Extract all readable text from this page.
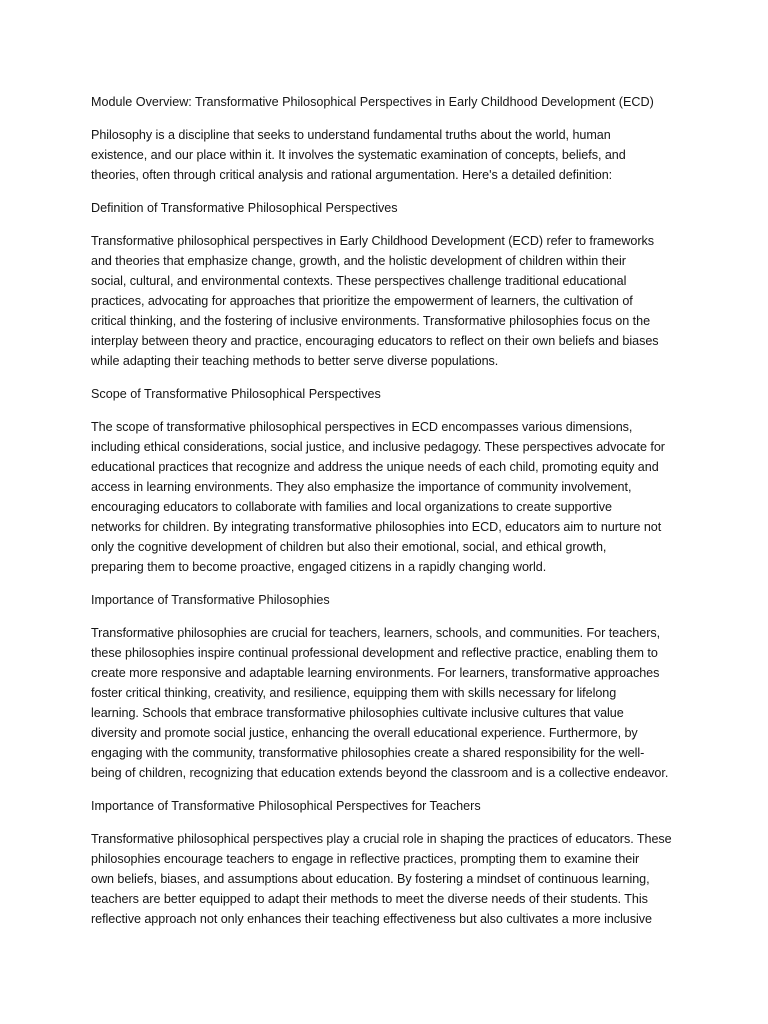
Module Overview: Transformative Philosophical Perspectives in Early Childhood Development (ECD)

Philosophy is a discipline that seeks to understand fundamental truths about the world, human
existence, and our place within it. It involves the systematic examination of concepts, beliefs, and
theories, often through critical analysis and rational argumentation. Here's a detailed definition:

Definition of Transformative Philosophical Perspectives

Transformative philosophical perspectives in Early Childhood Development (ECD) refer to frameworks
and theories that emphasize change, growth, and the holistic development of children within their
social, cultural, and environmental contexts. These perspectives challenge traditional educational
practices, advocating for approaches that prioritize the empowerment of learners, the cultivation of
critical thinking, and the fostering of inclusive environments. Transformative philosophies focus on the
interplay between theory and practice, encouraging educators to reflect on their own beliefs and biases
while adapting their teaching methods to better serve diverse populations.

Scope of Transformative Philosophical Perspectives

The scope of transformative philosophical perspectives in ECD encompasses various dimensions,
including ethical considerations, social justice, and inclusive pedagogy. These perspectives advocate for
educational practices that recognize and address the unique needs of each child, promoting equity and
access in learning environments. They also emphasize the importance of community involvement,
encouraging educators to collaborate with families and local organizations to create supportive
networks for children. By integrating transformative philosophies into ECD, educators aim to nurture not
only the cognitive development of children but also their emotional, social, and ethical growth,
preparing them to become proactive, engaged citizens in a rapidly changing world.

Importance of Transformative Philosophies

Transformative philosophies are crucial for teachers, learners, schools, and communities. For teachers,
these philosophies inspire continual professional development and reflective practice, enabling them to
create more responsive and adaptable learning environments. For learners, transformative approaches
foster critical thinking, creativity, and resilience, equipping them with skills necessary for lifelong
learning. Schools that embrace transformative philosophies cultivate inclusive cultures that value
diversity and promote social justice, enhancing the overall educational experience. Furthermore, by
engaging with the community, transformative philosophies create a shared responsibility for the well-
being of children, recognizing that education extends beyond the classroom and is a collective endeavor.

Importance of Transformative Philosophical Perspectives for Teachers

Transformative philosophical perspectives play a crucial role in shaping the practices of educators. These
philosophies encourage teachers to engage in reflective practices, prompting them to examine their
own beliefs, biases, and assumptions about education. By fostering a mindset of continuous learning,
teachers are better equipped to adapt their methods to meet the diverse needs of their students. This
reflective approach not only enhances their teaching effectiveness but also cultivates a more inclusive
